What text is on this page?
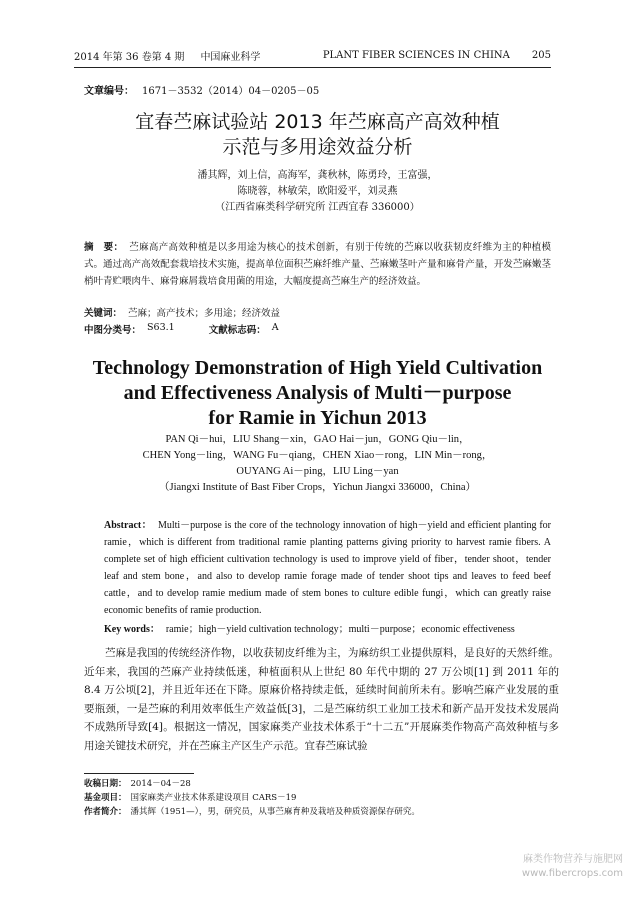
2014 年第 36 卷第 4 期 中国麻业科学	PLANT FIBER SCIENCES IN CHINA 205
文章编号： 1671－3532（2014）04－0205－05
宜春苎麻试验站 2013 年苎麻高产高效种植
示范与多用途效益分析
潘其辉，刘上信，高海军，龚秋林，陈勇玲，王富强，
陈晓蓉，林敏荣，欧阳爱平，刘灵燕
（江西省麻类科学研究所 江西宜春 336000）
摘　要： 苎麻高产高效种植是以多用途为核心的技术创新，有别于传统的苎麻以收获韧皮纤维为主的种植模式。通过高产高效配套栽培技术实施，提高单位面积苎麻纤维产量、苎麻嫩茎叶产量和麻骨产量，开发苎麻嫩茎梢叶青贮喂肉牛、麻骨麻屑栽培食用菌的用途，大幅度提高苎麻生产的经济效益。
关键词： 苎麻；高产技术；多用途；经济效益
中图分类号： S63.1	文献标志码： A
Technology Demonstration of High Yield Cultivation
and Effectiveness Analysis of Multi－purpose
for Ramie in Yichun 2013
PAN Qi－hui，LIU Shang－xin，GAO Hai－jun，GONG Qiu－lin，
CHEN Yong－ling，WANG Fu－qiang，CHEN Xiao－rong，LIN Min－rong，
OUYANG Ai－ping，LIU Ling－yan
（Jiangxi Institute of Bast Fiber Crops，Yichun Jiangxi 336000，China）
Abstract： Multi－purpose is the core of the technology innovation of high－yield and efficient planting for ramie，which is different from traditional ramie planting patterns giving priority to harvest ramie fibers. A complete set of high efficient cultivation technology is used to improve yield of fiber，tender shoot，tender leaf and stem bone，and also to develop ramie forage made of tender shoot tips and leaves to feed beef cattle，and to develop ramie medium made of stem bones to culture edible fungi，which can greatly raise economic benefits of ramie production.
Key words： ramie；high－yield cultivation technology；multi－purpose；economic effectiveness
苎麻是我国的传统经济作物，以收获韧皮纤维为主，为麻纺织工业提供原料，是良好的天然纤维。近年来，我国的苎麻产业持续低迷，种植面积从上世纪 80 年代中期的 27 万公顷[1] 到 2011 年的 8.4 万公顷[2]，并且近年还在下降。原麻价格持续走低，延续时间前所未有。影响苎麻产业发展的重要瓶颈，一是苎麻的利用效率低生产效益低[3]，二是苎麻纺织工业加工技术和新产品开发技术发展尚不成熟所导致[4]。根据这一情况，国家麻类产业技术体系于“十二五”开展麻类作物高产高效种植与多用途关键技术研究，并在苎麻主产区生产示范。宜春苎麻试验
收稿日期： 2014－04－28
基金项目： 国家麻类产业技术体系建设项目 CARS－19
作者简介： 潘其辉（1951—），男，研究员，从事苎麻育种及栽培及种质资源保存研究。
麻类作物营养与施肥网
www.fibercrops.com
